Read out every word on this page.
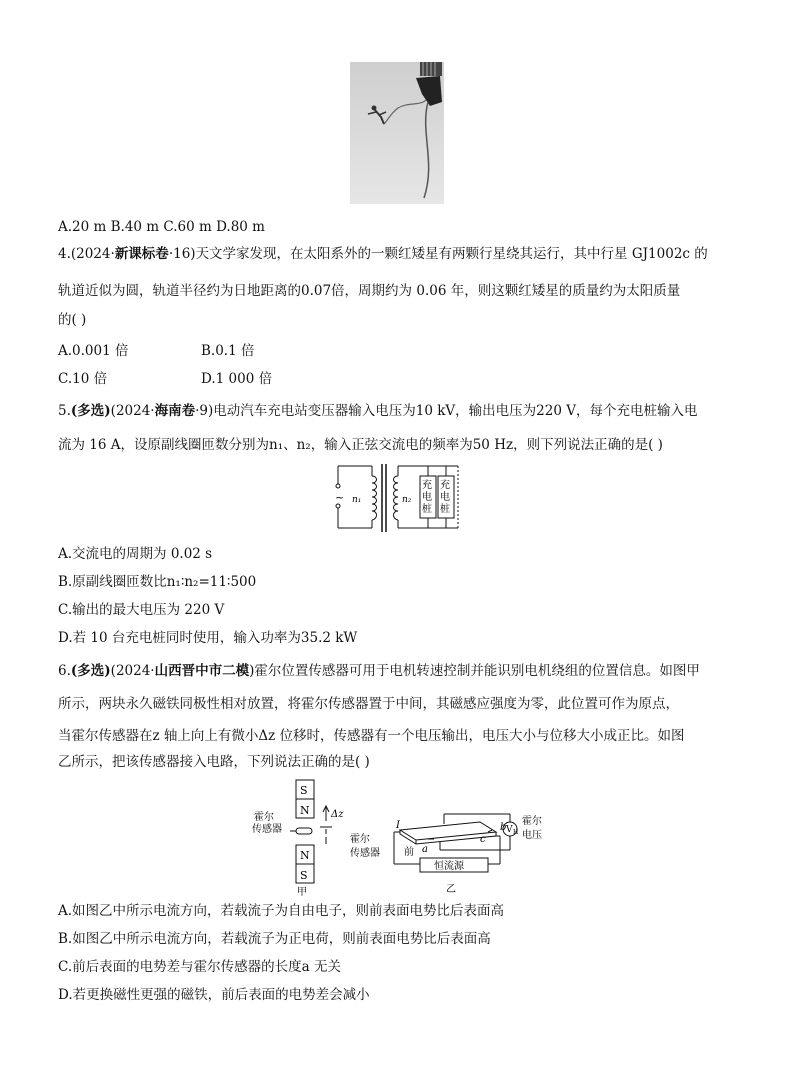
A.20 m B.40 m C.60 m D.80 m
4.(2024·新课标卷·16)天文学家发现，在太阳系外的一颗红矮星有两颗行星绕其运行，其中行星 GJ1002c 的
轨道近似为圆，轨道半径约为日地距离的0.07倍，周期约为 0.06 年，则这颗红矮星的质量约为太阳质量
的( )
A.0.001 倍	B.0.1 倍
C.10 倍	D.1 000 倍
5.(多选)(2024·海南卷·9)电动汽车充电站变压器输入电压为10 kV，输出电压为220 V，每个充电桩输入电
流为 16 A，设原副线圈匝数分别为n₁、n₂，输入正弦交流电的频率为50 Hz，则下列说法正确的是( )
~ n₁	n₂
充
电
桩
充
电
桩
A.交流电的周期为 0.02 s
B.原副线圈匝数比n₁∶n₂=11∶500
C.输出的最大电压为 220 V
D.若 10 台充电桩同时使用，输入功率为35.2 kW
6.(多选)(2024·山西晋中市二模)霍尔位置传感器可用于电机转速控制并能识别电机绕组的位置信息。如图甲
所示，两块永久磁铁同极性相对放置，将霍尔传感器置于中间，其磁感应强度为零，此位置可作为原点，
当霍尔传感器在z 轴上向上有微小Δz 位移时，传感器有一个电压输出，电压大小与位移大小成正比。如图
乙所示，把该传感器接入电路，下列说法正确的是( )
S
N
N
S
Δz
霍尔
传感器
甲
霍尔
传感器
I
前 a
b
c
V H
霍尔
电压
恒流源
乙
A.如图乙中所示电流方向，若载流子为自由电子，则前表面电势比后表面高
B.如图乙中所示电流方向，若载流子为正电荷，则前表面电势比后表面高
C.前后表面的电势差与霍尔传感器的长度a 无关
D.若更换磁性更强的磁铁，前后表面的电势差会减小
